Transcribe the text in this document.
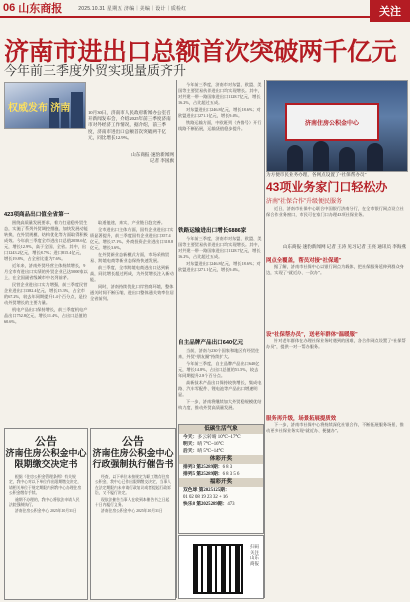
06 山东商报	2025.10.31 星期五 济编｜美编｜设计｜质检红	关注
济南市进出口总额首次突破两千亿元
今年前三季度外贸实现量质齐升
权威发布 济南	10月30日，济南市人民政府新闻办公室召开新闻发布会，介绍2025年前三季度济南市对外经济工作情况，据介绍，前三季度，济南市进出口总额首次突破两千亿元，同比增长12.9%。
山东商报·速豹新闻网
记者 李国旗
423项商品出口值全省第一

围绕高质量发展要求，着力打造稳外贸生态，实施了系列外贸调控措施，加快发展动能转换，在外贸规模、结构优化等方面取得积极成效。今年前三季度全市进出口总值2058.6亿元，增长12.9%，高于全国、全省。其中，出口1243.2亿元，增长8.7%；进口815.4亿元，增长19.8%，占全省比重为7.6%。

近年来，济南外贸经营主体持续增长，9月全市有进出口实绩的外贸企业已达5000家以上，在全国副省级城市中名列前茅。

民营企业进出口实力增强，前三季度民营企业进出口1382.4亿元，增长15.3%，占全市的67.2%，较去年同期提升1.4个百分点，是拉动外贸增长的主要力量。

机电产品出口保持增长，前三季度机电产品出口752.8亿元，增长11.4%，占出口总值的60.6%。

取道他途，来实，产业链日趋完善。

全市进出口主体方面，国有企业进出口实绩显著提升，前三季度国有企业进出口357.4亿元，增长17.1%。外商投资企业进出口318.8亿元，增长3.6%。

在外贸新业态新模式方面，市场采购贸易、跨境电商等新业态保持快速发展。

前三季度，全市跨境电商进出口达到新高，同比增长超过两成，为外贸增长注入新动能。

同时，济南持续优化口岸营商环境，整体通关时间不断压缩，进出口整体通关效率位居全省前列。

今年前三季度，济南市对东盟、欧盟、美国等主要贸易伙伴进出口均实现增长。其中，对共建一带一路国家进出口1128.7亿元，增长16.2%，占比超过五成。

对东盟进出口246.8亿元，增长18.6%；对欧盟进出口271.1亿元，增长9.4%。

铁路运输方面，中欧班列（齐鲁号）开行线路不断拓展，运输货值稳步提升。

铁路运输进出口增长6886家

今年前三季度，济南市对东盟、欧盟、美国等主要贸易伙伴进出口均实现增长。其中，对共建一带一路国家进出口1128.7亿元，增长16.2%，占比超过五成。

对东盟进出口246.8亿元，增长18.6%；对欧盟进出口271.1亿元，增长9.4%。

自主品牌产品出口640亿元

当前，济南与230个国家和地区有经贸往来，外贸“朋友圈”持续扩大。

今年前三季度，自主品牌产品出口640亿元，增长14.8%，占出口总值的51.5%，较去年同期提升2.8个百分点。

高新技术产品出口保持较快增长，集成电路、汽车零配件、锂电池等产品出口增速明显。

下一步，济南将继续加大外贸稳规模优结构力度，推动外贸高质量发展。

公告
济南住房公积金中心
限期缴交决定书

根据《住房公积金管理条例》有关规定，我中心对以下单位作出限期缴交决定，请相关单位于规定期限内到我中心办理住房公积金缴存手续。

逾期不办理的，我中心将依法申请人民法院强制执行。

济南住房公积金中心 2025年10月31日

公告
济南住房公积金中心
行政强制执行催告书

经查，以下单位未按规定为职工缴存住房公积金，我中心已作出限期缴交决定，当事人在法定期限内未申请行政复议或者提起行政诉讼，又不履行决定。

现依法催告当事人在收到本催告书之日起十日内履行义务。

济南住房公积金中心 2025年10月31日

低碳生活气象
今天：多云转晴 10℃~17℃
明天：晴 7℃~16℃
后天：晴 5℃~14℃
体彩开奖
排列3 第25289期：6 8 3
排列5 第25289期：6 8 3 5 6
福彩开奖
双色球 第2025125期：
01 02 08 19 23 32 + 16
快乐8 第2025289期：473
扫码关注山东商报
济南住房公积金中心
为方便市民业务办理，各网点设置了“社保帮办员”
43项业务家门口轻松办
济南“社保合作”升级便民服务

近日，济南市社保中心联合中国银行济南分行，在全市银行网点设立社保合作业务窗口，市民可在家门口办理43项社保业务。

山东商报·速豹新闻网 记者 王涛 见习记者 王亮 通讯员 李海燕
网点全覆盖，帮员对接“社保通”

据了解，济南市社保中心以银行网点为载体，把社保服务延伸到群众身边，实现了“就近办、一次办”。

设“社保帮办员”，送老年群体“温暖服”

针对老年群体在办理社保业务时遇到的困难，各合作网点设置了“社保帮办员”，提供一对一帮办服务。

服务再升级，场景拓展提质效

下一步，济南市社保中心将持续深化社银合作，不断拓展服务场景，推动更多社保业务实现“就近办、便捷办”。
